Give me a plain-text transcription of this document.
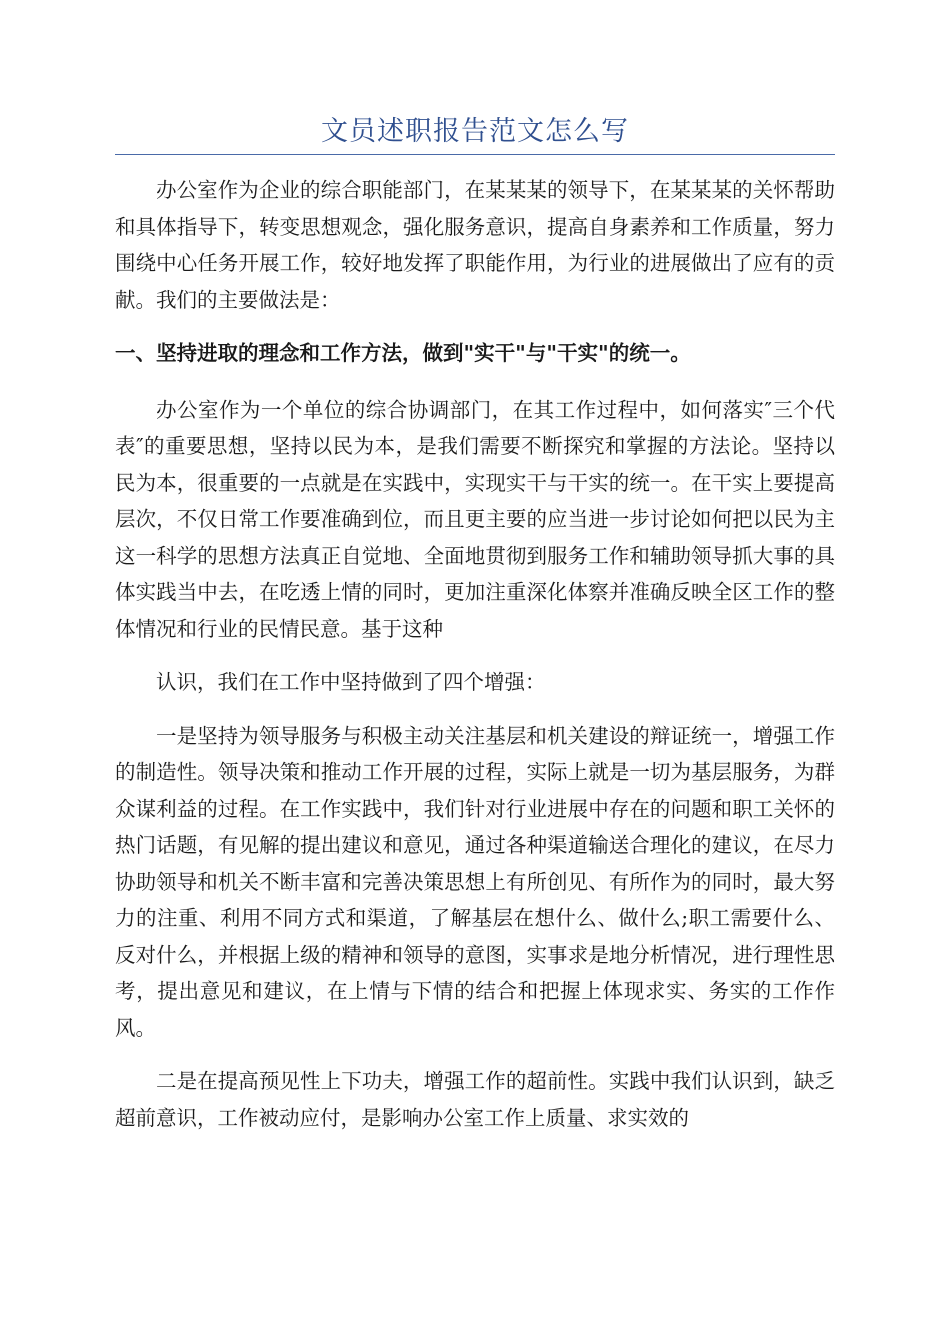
文员述职报告范文怎么写

办公室作为企业的综合职能部门，在某某某的领导下，在某某某的关怀帮助和具体指导下，转变思想观念，强化服务意识，提高自身素养和工作质量，努力围绕中心任务开展工作，较好地发挥了职能作用，为行业的进展做出了应有的贡献。我们的主要做法是：

一、坚持进取的理念和工作方法，做到"实干"与"干实"的统一。

办公室作为一个单位的综合协调部门，在其工作过程中，如何落实″三个代表″的重要思想，坚持以民为本，是我们需要不断探究和掌握的方法论。坚持以民为本，很重要的一点就是在实践中，实现实干与干实的统一。在干实上要提高层次，不仅日常工作要准确到位，而且更主要的应当进一步讨论如何把以民为主这一科学的思想方法真正自觉地、全面地贯彻到服务工作和辅助领导抓大事的具体实践当中去，在吃透上情的同时，更加注重深化体察并准确反映全区工作的整体情况和行业的民情民意。基于这种

认识，我们在工作中坚持做到了四个增强：

一是坚持为领导服务与积极主动关注基层和机关建设的辩证统一，增强工作的制造性。领导决策和推动工作开展的过程，实际上就是一切为基层服务，为群众谋利益的过程。在工作实践中，我们针对行业进展中存在的问题和职工关怀的热门话题，有见解的提出建议和意见，通过各种渠道输送合理化的建议，在尽力协助领导和机关不断丰富和完善决策思想上有所创见、有所作为的同时，最大努力的注重、利用不同方式和渠道，了解基层在想什么、做什么;职工需要什么、反对什么，并根据上级的精神和领导的意图，实事求是地分析情况，进行理性思考，提出意见和建议，在上情与下情的结合和把握上体现求实、务实的工作作风。

二是在提高预见性上下功夫，增强工作的超前性。实践中我们认识到，缺乏超前意识，工作被动应付，是影响办公室工作上质量、求实效的
